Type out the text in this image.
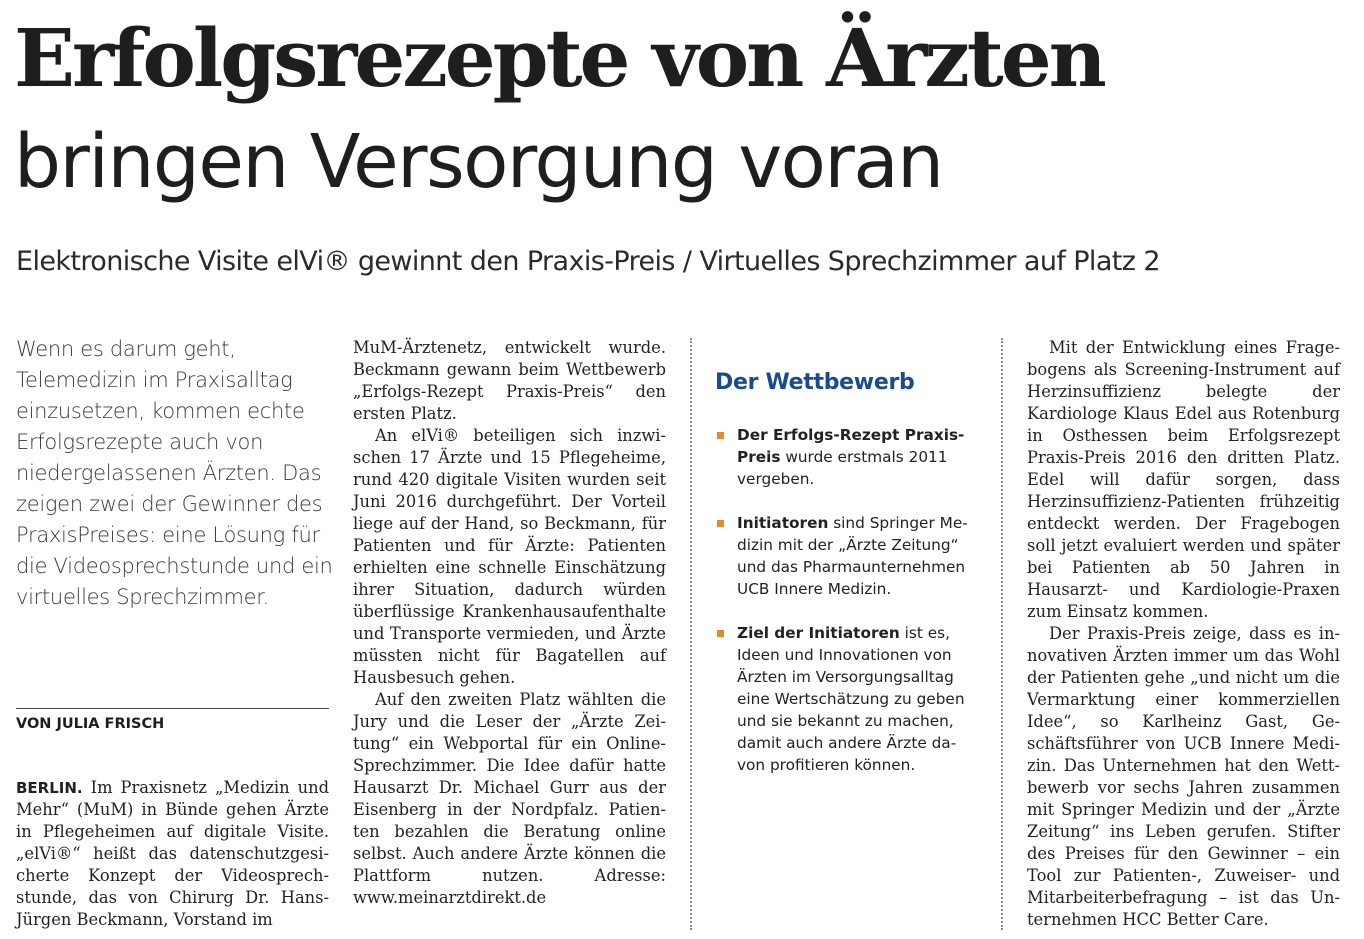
Erfolgsrezepte von Ärzten
bringen Versorgung voran

Elektronische Visite elVi® gewinnt den Praxis-Preis / Virtuelles Sprechzimmer auf Platz 2

Wenn es darum geht, Telemedizin im Praxisalltag einzusetzen, kommen echte Erfolgsrezepte auch von niedergelassenen Ärzten. Das zeigen zwei der Gewinner des PraxisPreises: eine Lösung für die Videosprechstunde und ein virtuelles Sprechzimmer.

VON JULIA FRISCH

BERLIN. Im Praxisnetz „Medizin und Mehr“ (MuM) in Bünde gehen Ärzte in Pflegeheimen auf digitale Visite. „elVi®“ heißt das datenschutzgesicherte Konzept der Videosprechstunde, das von Chirurg Dr. Hans-Jürgen Beckmann, Vorstand im

MuM-Ärztenetz, entwickelt wurde. Beckmann gewann beim Wettbewerb „Erfolgs-Rezept Praxis-Preis“ den ersten Platz.

An elVi® beteiligen sich inzwischen 17 Ärzte und 15 Pflegeheime, rund 420 digitale Visiten wurden seit Juni 2016 durchgeführt. Der Vorteil liege auf der Hand, so Beckmann, für Patienten und für Ärzte: Patienten erhielten eine schnelle Einschätzung ihrer Situation, dadurch würden überflüssige Krankenhausaufenthalte und Transporte vermieden, und Ärzte müssten nicht für Bagatellen auf Hausbesuch gehen.

Auf den zweiten Platz wählten die Jury und die Leser der „Ärzte Zeitung“ ein Webportal für ein Online-Sprechzimmer. Die Idee dafür hatte Hausarzt Dr. Michael Gurr aus der Eisenberg in der Nordpfalz. Patienten bezahlen die Beratung online selbst. Auch andere Ärzte können die Plattform nutzen. Adresse: www.meinarztdirekt.de

Der Wettbewerb
Der Erfolgs-Rezept Praxis-Preis wurde erstmals 2011 vergeben.
Initiatoren sind Springer Medizin mit der „Ärzte Zeitung“ und das Pharmaunternehmen UCB Innere Medizin.
Ziel der Initiatoren ist es, Ideen und Innovationen von Ärzten im Versorgungsalltag eine Wertschätzung zu geben und sie bekannt zu machen, damit auch andere Ärzte davon profitieren können.

Mit der Entwicklung eines Fragebogens als Screening-Instrument auf Herzinsuffizienz belegte der Kardiologe Klaus Edel aus Rotenburg in Osthessen beim Erfolgsrezept Praxis-Preis 2016 den dritten Platz. Edel will dafür sorgen, dass Herzinsuffizienz-Patienten frühzeitig entdeckt werden. Der Fragebogen soll jetzt evaluiert werden und später bei Patienten ab 50 Jahren in Hausarzt- und Kardiologie-Praxen zum Einsatz kommen.

Der Praxis-Preis zeige, dass es innovativen Ärzten immer um das Wohl der Patienten gehe „und nicht um die Vermarktung einer kommerziellen Idee“, so Karlheinz Gast, Geschäftsführer von UCB Innere Medizin. Das Unternehmen hat den Wettbewerb vor sechs Jahren zusammen mit Springer Medizin und der „Ärzte Zeitung“ ins Leben gerufen. Stifter des Preises für den Gewinner – ein Tool zur Patienten-, Zuweiser- und Mitarbeiterbefragung – ist das Unternehmen HCC Better Care.
